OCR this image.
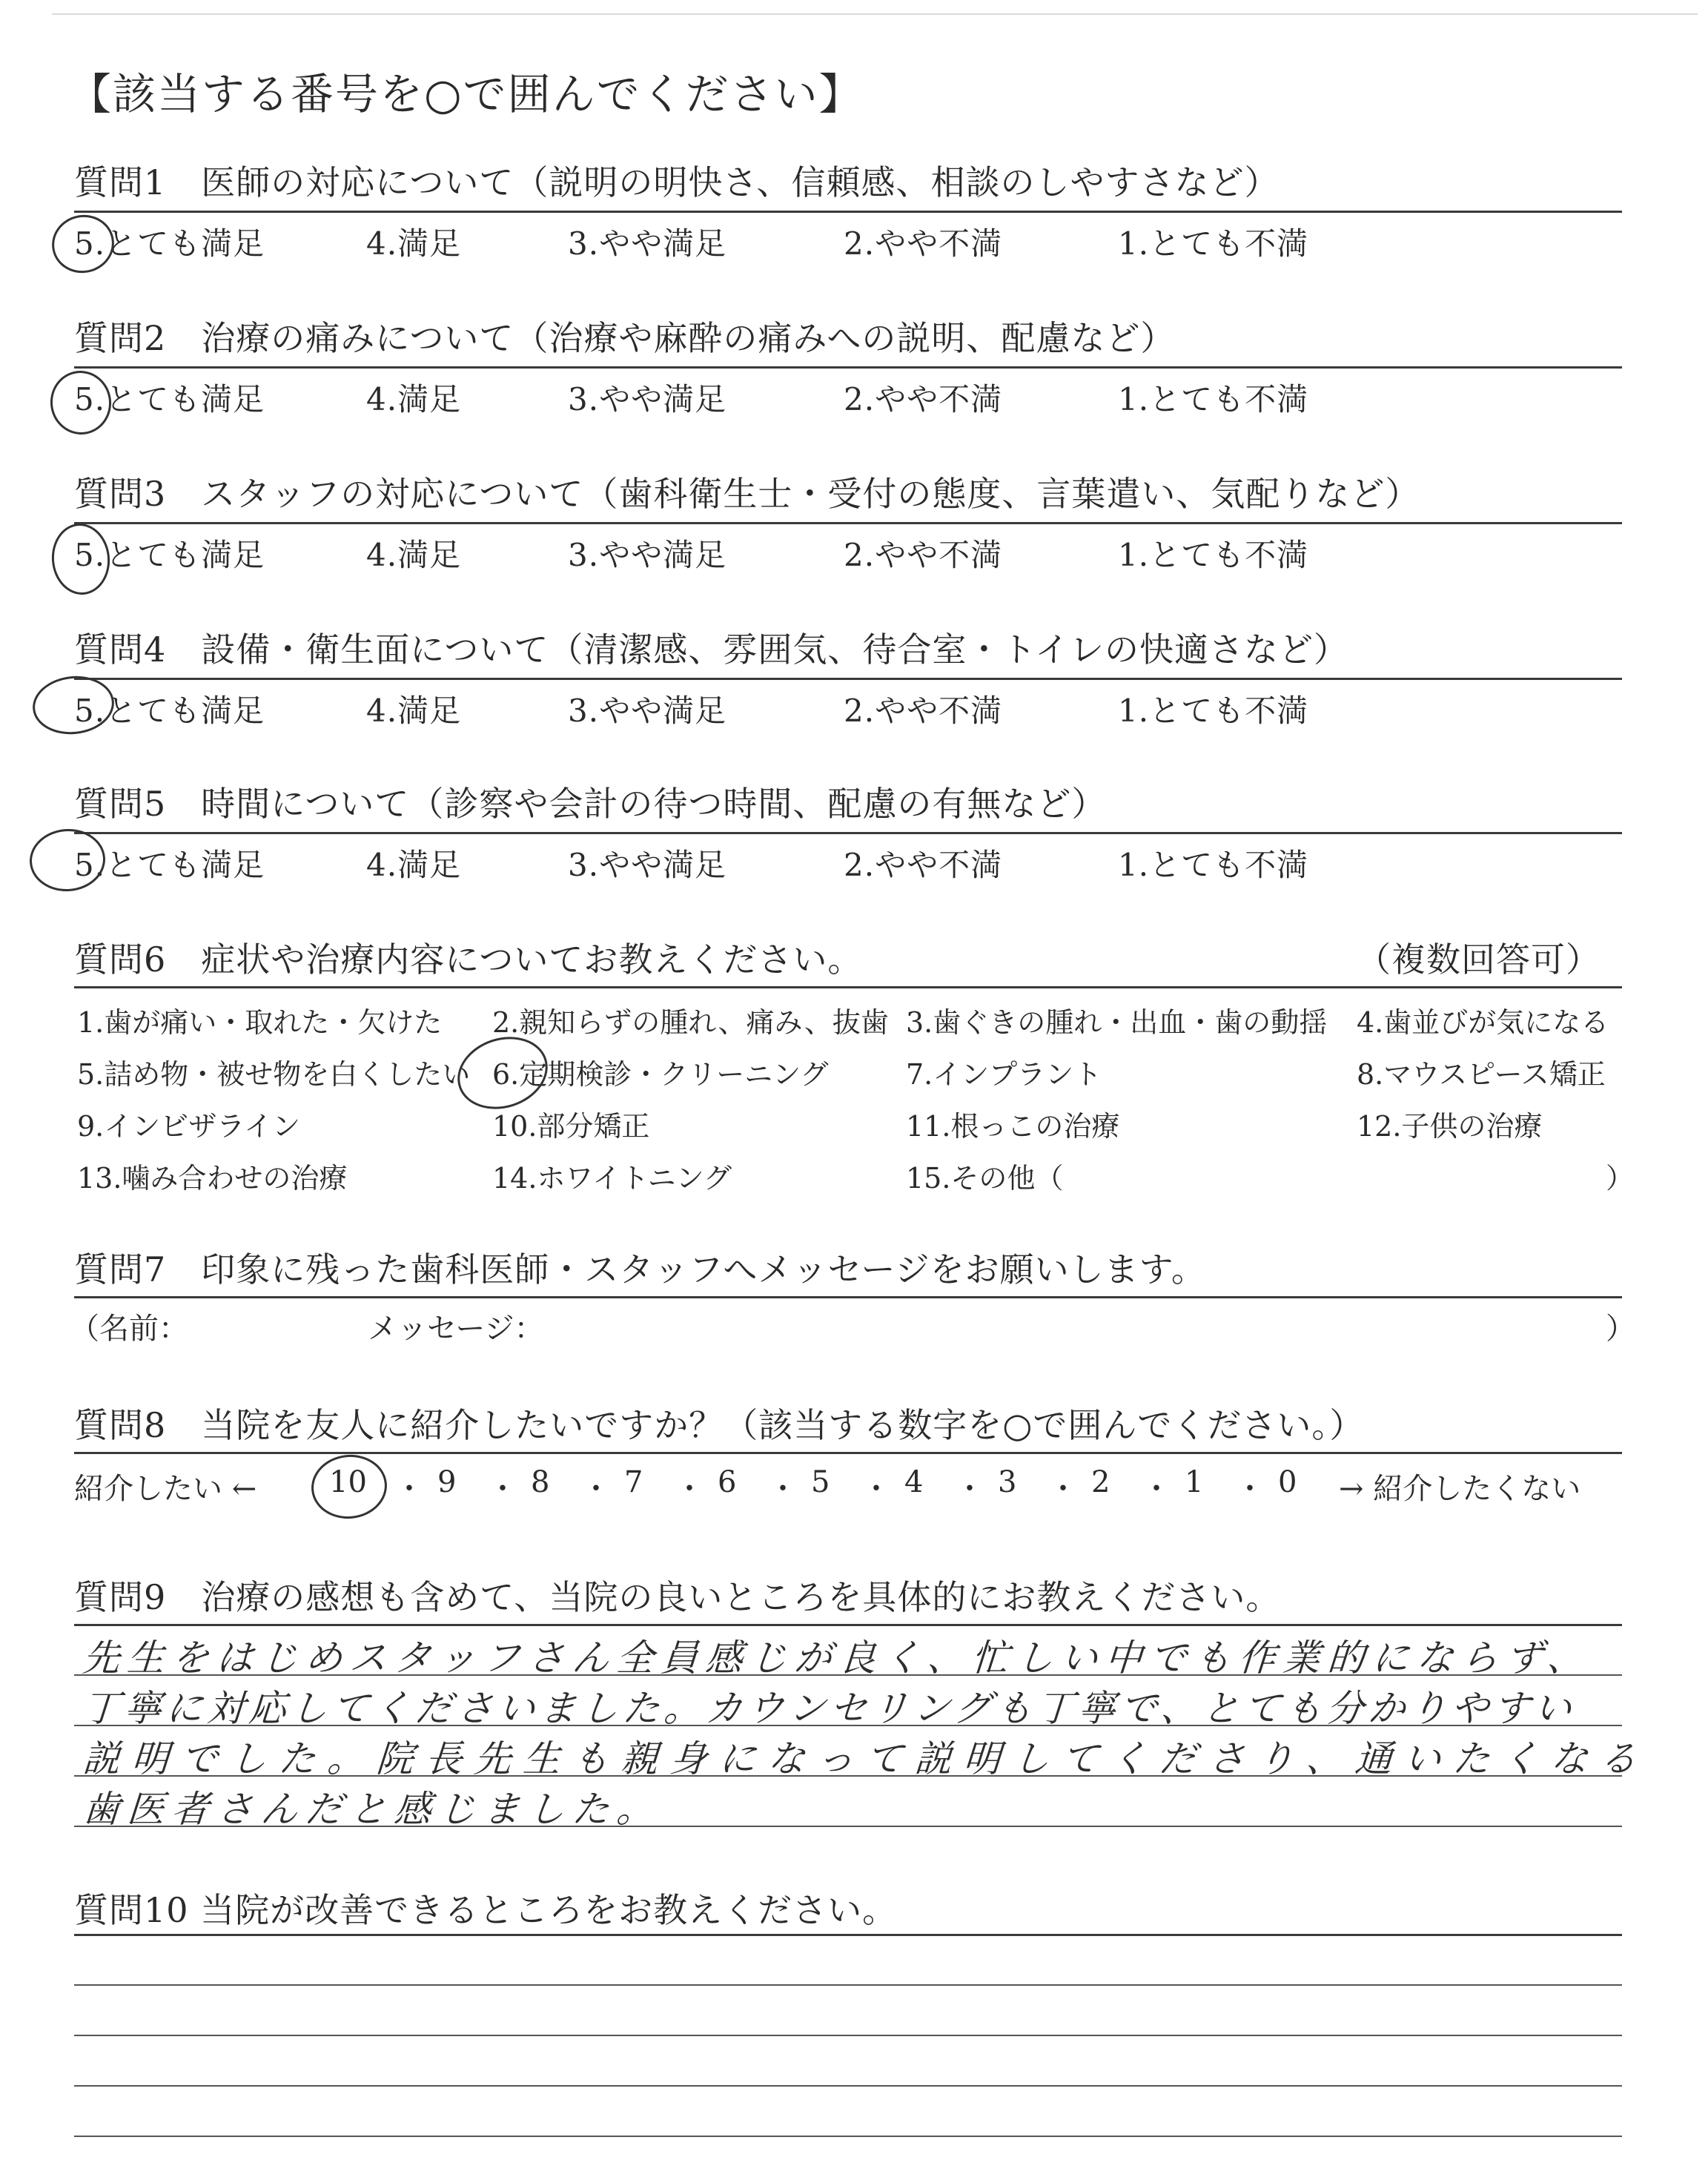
【該当する番号を○で囲んでください】
質問1　医師の対応について（説明の明快さ、信頼感、相談のしやすさなど）
5.とても満足	4.満足	3.やや満足	2.やや不満	1.とても不満
質問2　治療の痛みについて（治療や麻酔の痛みへの説明、配慮など）
5.とても満足	4.満足	3.やや満足	2.やや不満	1.とても不満
質問3　スタッフの対応について（歯科衛生士・受付の態度、言葉遣い、気配りなど）
5.とても満足	4.満足	3.やや満足	2.やや不満	1.とても不満
質問4　設備・衛生面について（清潔感、雰囲気、待合室・トイレの快適さなど）
5.とても満足	4.満足	3.やや満足	2.やや不満	1.とても不満
質問5　時間について（診察や会計の待つ時間、配慮の有無など）
5.とても満足	4.満足	3.やや満足	2.やや不満	1.とても不満
質問6　症状や治療内容についてお教えください。	（複数回答可）
1.歯が痛い・取れた・欠けた 2.親知らずの腫れ、痛み、抜歯 3.歯ぐきの腫れ・出血・歯の動揺 4.歯並びが気になる
5.詰め物・被せ物を白くしたい 6.定期検診・クリーニング	7.インプラント	8.マウスピース矯正
9.インビザライン	10.部分矯正	11.根っこの治療	12.子供の治療
13.噛み合わせの治療	14.ホワイトニング	15.その他（	）
質問7　印象に残った歯科医師・スタッフへメッセージをお願いします。
（名前：	メッセージ：	）
質問8　当院を友人に紹介したいですか？（該当する数字を○で囲んでください。）
紹介したい ← 10 ・ 9 ・ 8 ・ 7 ・ 6 ・ 5 ・ 4 ・ 3 ・ 2 ・ 1 ・ 0 → 紹介したくない
質問9　治療の感想も含めて、当院の良いところを具体的にお教えください。
先生をはじめスタッフさん全員感じが良く、忙しい中でも作業的にならず、
丁寧に対応してくださいました。カウンセリングも丁寧で、とても分かりやすい
説明でした。院長先生も親身になって説明してくださり、通いたくなる
歯医者さんだと感じました。
質問10 当院が改善できるところをお教えください。
